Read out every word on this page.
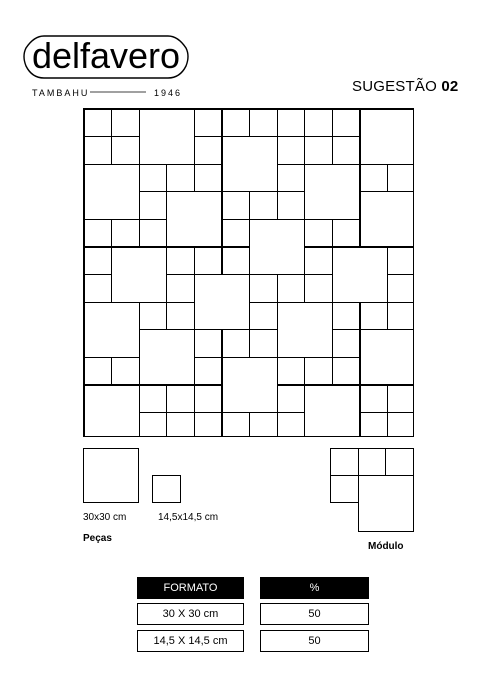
delfavero
TAMBAHU	1946	SUGESTÃO 02
30x30 cm	14,5x14,5 cm
Peças
Módulo
FORMATO	%
30 X 30 cm	50
14,5 X 14,5 cm	50
